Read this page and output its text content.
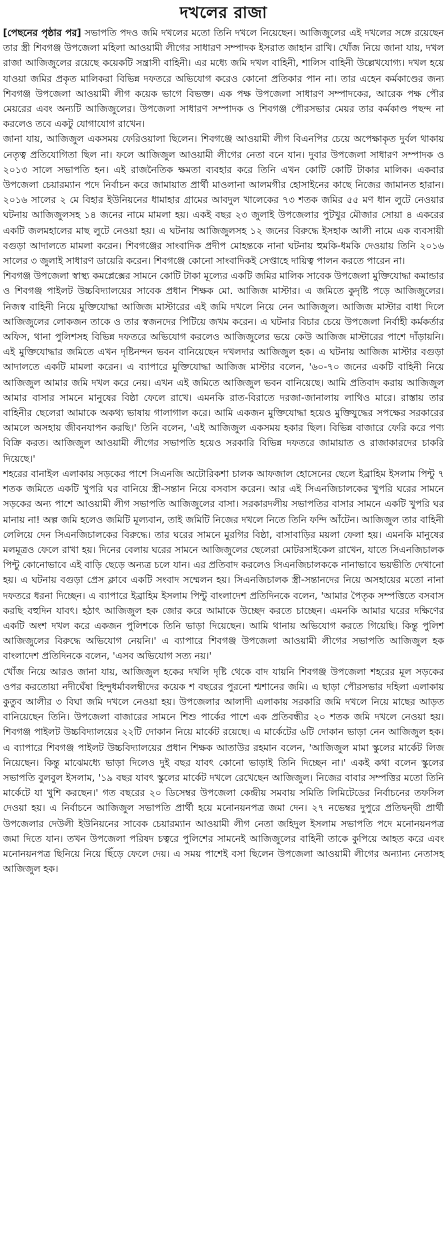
দখলের রাজা

[পেছনের পৃষ্ঠার পর] সভাপতি পদও জমি দখলের মতো তিনি দখলে নিয়েছেন। আজিজুলের এই দখলের সঙ্গে রয়েছেন তার স্ত্রী শিবগঞ্জ উপজেলা মহিলা আওয়ামী লীগের সাধারণ সম্পাদক ইসরাত জাহান রাখি। খোঁজ নিয়ে জানা যায়, দখল রাজা আজিজুলের রয়েছে কয়েকটি সন্ত্রাসী বাহিনী। এর মধ্যে জমি দখল বাহিনী, শালিস বাহিনী উল্লেখযোগ্য। দখল হয়ে যাওয়া জমির প্রকৃত মালিকরা বিভিন্ন দফতরে অভিযোগ করেও কোনো প্রতিকার পান না। তার এহেন কর্মকাণ্ডের জন্য শিবগঞ্জ উপজেলা আওয়ামী লীগ কয়েক ভাগে বিভক্ত। এক পক্ষ উপজেলা সাধারণ সম্পাদকের, আরেক পক্ষ পৌর মেয়রের এবং অন্যটি আজিজুলের। উপজেলা সাধারণ সম্পাদক ও শিবগঞ্জ পৌরসভার মেয়র তার কর্মকাণ্ড পছন্দ না করলেও তবে একটু যোগাযোগ রাখেন।

জানা যায়, আজিজুল একসময় ফেরিওয়ালা ছিলেন। শিবগঞ্জে আওয়ামী লীগ বিএনপির চেয়ে অপেক্ষাকৃত দুর্বল থাকায় নেতৃত্ব প্রতিযোগিতা ছিল না। ফলে আজিজুল আওয়ামী লীগের নেতা বনে যান। দুবার উপজেলা সাধারণ সম্পাদক ও ২০১৩ সালে সভাপতি হন। এই রাজনৈতিক ক্ষমতা ব্যবহার করে তিনি এখন কোটি কোটি টাকার মালিক। একবার উপজেলা চেয়ারম্যান পদে নির্বাচন করে জামায়াত প্রার্থী মাওলানা আলমগীর হোসাইনের কাছে নিজের জামানত হারান। ২০১৬ সালের ২ মে বিহার ইউনিয়নের ধামাহার গ্রামের আবদুল খালেকের ৭৩ শতক জমির ৫৫ মণ ধান লুটে নেওয়ার ঘটনায় আজিজুলসহ ১৪ জনের নামে মামলা হয়। একই বছর ২৩ জুলাই উপজেলার পুটখুর মৌজার সোয়া ৪ একরের একটি জলমহালের মাছ লুটে নেওয়া হয়। এ ঘটনায় আজিজুলসহ ১২ জনের বিরুদ্ধে ইসহাক আলী নামে এক ব্যবসায়ী বগুড়া আদালতে মামলা করেন। শিবগঞ্জের সাংবাদিক প্রদীপ মোহন্তকে নানা ঘটনায় হুমকি-ধমকি দেওয়ায় তিনি ২০১৬ সালের ৩ জুলাই সাধারণ ডায়েরি করেন। শিবগঞ্জে কোনো সাংবাদিকই সেপ্তাহে দায়িত্ব পালন করতে পারেন না।

শিবগঞ্জ উপজেলা স্বাস্থ্য কমপ্লেক্সের সামনে কোটি টাকা মূল্যের একটি জমির মালিক সাবেক উপজেলা মুক্তিযোদ্ধা কমান্ডার ও শিবগঞ্জ পাইলট উচ্চবিদ্যালয়ের সাবেক প্রধান শিক্ষক মো. আজিজ মাস্টার। এ জমিতে কুদৃষ্টি পড়ে আজিজুলের। নিজস্ব বাহিনী নিয়ে মুক্তিযোদ্ধা আজিজ মাস্টারের এই জমি দখলে নিয়ে নেন আজিজুল। আজিজ মাস্টার বাধা দিলে আজিজুলের লোকজন তাকে ও তার স্বজনদের পিটিয়ে জখম করেন। এ ঘটনার বিচার চেয়ে উপজেলা নির্বাহী কর্মকর্তার অফিস, থানা পুলিশসহ বিভিন্ন দফতরে অভিযোগ করলেও আজিজুলের ভয়ে কেউ আজিজ মাস্টারের পাশে দাঁড়ায়নি। এই মুক্তিযোদ্ধার জমিতে এখন দৃষ্টিনন্দন ভবন বানিয়েছেন দখলদার আজিজুল হক। এ ঘটনায় আজিজ মাস্টার বগুড়া আদালতে একটি মামলা করেন। এ ব্যাপারে মুক্তিযোদ্ধা আজিজ মাস্টার বলেন, '৬০-৭০ জনের একটি বাহিনী নিয়ে আজিজুল আমার জমি দখল করে নেয়। এখন এই জমিতে আজিজুল ভবন বানিয়েছে। আমি প্রতিবাদ করায় আজিজুল আমার বাসার সামনে মানুষের বিষ্ঠা ফেলে রাখে। এমনকি রাত-বিরাতে দরজা-জানালায় লাথিও মারে। রাস্তায় তার বাহিনীর ছেলেরা আমাকে অকথ্য ভাষায় গালাগাল করে। আমি একজন মুক্তিযোদ্ধা হয়েও মুক্তিযুদ্ধের সপক্ষের সরকারের আমলে অসহায় জীবনযাপন করছি।' তিনি বলেন, 'এই আজিজুল একসময় হকার ছিল। বিভিন্ন বাজারে ফেরি করে পণ্য বিক্রি করত। আজিজুল আওয়ামী লীগের সভাপতি হয়েও সরকারি বিভিন্ন দফতরে জামায়াত ও রাজাকারদের চাকরি দিয়েছে।'

শহরের বানাইল এলাকায় সড়কের পাশে সিএনজি অটোরিকশা চালক আফজাল হোসেনের ছেলে ইব্রাহিম ইসলাম পিন্টু ৭ শতক জমিতে একটি খুপরি ঘর বানিয়ে স্ত্রী-সন্তান নিয়ে বসবাস করেন। আর এই সিএনজিচালকের খুপরি ঘরের সামনে সড়কের অন্য পাশে আওয়ামী লীগ সভাপতি আজিজুলের বাসা। সরকারদলীয় সভাপতির বাসার সামনে একটি খুপরি ঘর মানায় না! অল্প জমি হলেও জমিটি মূল্যবান, তাই জমিটি নিজের দখলে নিতে তিনি ফন্দি আঁটেন। আজিজুল তার বাহিনী লেলিয়ে দেন সিএনজিচালকের বিরুদ্ধে। তার ঘরের সামনে মুরগির বিষ্ঠা, বাসাবাড়ির ময়লা ফেলা হয়। এমনকি মানুষের মলমূত্রও ফেলে রাখা হয়। দিনের বেলায় ঘরের সামনে আজিজুলের ছেলেরা মোটরসাইকেল রাখেন, যাতে সিএনজিচালক পিন্টু কোনোভাবে এই বাড়ি ছেড়ে অন্যত্র চলে যান। এর প্রতিবাদ করলেও সিএনজিচালককে নানাভাবে ভয়ভীতি দেখানো হয়। এ ঘটনায় বগুড়া প্রেস ক্লাবে একটি সংবাদ সম্মেলন হয়। সিএনজিচালক স্ত্রী-সন্তানদের নিয়ে অসহায়ের মতো নানা দফতরে ধরনা দিচ্ছেন। এ ব্যাপারে ইব্রাহিম ইসলাম পিন্টু বাংলাদেশ প্রতিদিনকে বলেন, 'আমার পৈতৃক সম্পত্তিতে বসবাস করছি বহুদিন যাবৎ। হঠাৎ আজিজুল হক জোর করে আমাকে উচ্ছেদ করতে চাচ্ছেন। এমনকি আমার ঘরের দক্ষিণের একটি অংশ দখল করে একজন পুলিশকে তিনি ভাড়া দিয়েছেন। আমি থানায় অভিযোগ করতে গিয়েছি। কিন্তু পুলিশ আজিজুলের বিরুদ্ধে অভিযোগ নেয়নি।' এ ব্যাপারে শিবগঞ্জ উপজেলা আওয়ামী লীগের সভাপতি আজিজুল হক বাংলাদেশ প্রতিদিনকে বলেন, 'এসব অভিযোগ সত্য নয়।'

খোঁজ নিয়ে আরও জানা যায়, আজিজুল হকের দখলি দৃষ্টি থেকে বাদ যায়নি শিবগঞ্জ উপজেলা শহরের মূল সড়কের ওপর করতোয়া নদীঘেঁষা হিন্দুধর্মাবলম্বীদের কয়েক শ বছরের পুরনো শ্মশানের জমি। এ ছাড়া পৌরসভার দহিলা এলাকায় কুতুব আলীর ৩ বিঘা জমি দখলে নেওয়া হয়। উপজেলার আলাদী এলাকায় সরকারি জমি দখলে নিয়ে মাছের আড়ত বানিয়েছেন তিনি। উপজেলা বাজারের সামনে শিশু পার্কের পাশে এক প্রতিবন্ধীর ২০ শতক জমি দখলে নেওয়া হয়। শিবগঞ্জ পাইলট উচ্চবিদ্যালয়ের ২২টি দোকান নিয়ে মার্কেট রয়েছে। এ মার্কেটের ৬টি দোকান ভাড়া নেন আজিজুল হক। এ ব্যাপারে শিবগঞ্জ পাইলট উচ্চবিদ্যালয়ের প্রধান শিক্ষক আতাউর রহমান বলেন, 'আজিজুল মামা স্কুলের মার্কেট লিজ নিয়েছেন। কিন্তু মাঝেমধ্যে ভাড়া দিলেও দুই বছর যাবৎ কোনো ভাড়াই তিনি দিচ্ছেন না।' একই কথা বলেন স্কুলের সভাপতি বুলবুল ইসলাম, '১৯ বছর যাবৎ স্কুলের মার্কেট দখলে রেখেছেন আজিজুল। নিজের বাবার সম্পত্তির মতো তিনি মার্কেটে যা খুশি করছেন।' গত বছরের ২০ ডিসেম্বর উপজেলা কেন্দ্রীয় সমবায় সমিতি লিমিটেডের নির্বাচনের তফসিল দেওয়া হয়। এ নির্বাচনে আজিজুল সভাপতি প্রার্থী হয়ে মনোনয়নপত্র জমা দেন। ২৭ নভেম্বর দুপুরে প্রতিদ্বন্দ্বী প্রার্থী উপজেলার দেউলী ইউনিয়নের সাবেক চেয়ারম্যান আওয়ামী লীগ নেতা জহিদুল ইসলাম সভাপতি পদে মনোনয়নপত্র জমা দিতে যান। তখন উপজেলা পরিষদ চত্বরে পুলিশের সামনেই আজিজুলের বাহিনী তাকে কুপিয়ে আহত করে এবং মনোনয়নপত্র ছিনিয়ে নিয়ে ছিঁড়ে ফেলে দেয়। এ সময় পাশেই বসা ছিলেন উপজেলা আওয়ামী লীগের অন্যান্য নেতাসহ আজিজুল হক।
